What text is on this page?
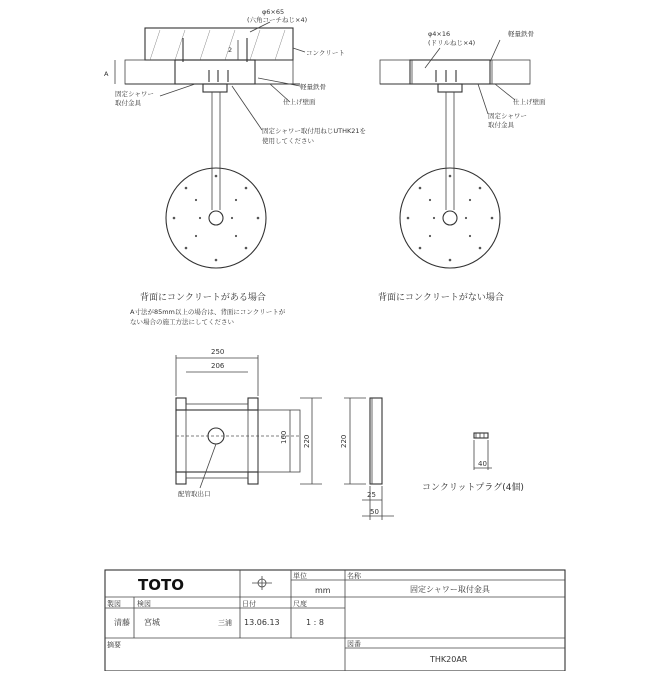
A
2
φ6×65
(六角コーチねじ×4)
コンクリート
軽量鉄骨
仕上げ壁面
固定シャワー
取付金具
固定シャワー取付用ねじUTHK21を
使用してください
背面にコンクリートがある場合
A寸法が85mm以上の場合は、背面にコンクリートが
ない場合の施工方法にしてください
φ4×16
(ドリルねじ×4)
軽量鉄骨
仕上げ壁面
固定シャワー
取付金具
背面にコンクリートがない場合
160 220
250
206
配管取出口
220
25
50
40
コンクリットプラグ(4個)
TOTO	単位
mm
名称
固定シャワー取付金具
製図
清藤
検図
宮城	三浦
日付
13.06.13
尺度
1 : 8
摘要	図番
THK20AR
